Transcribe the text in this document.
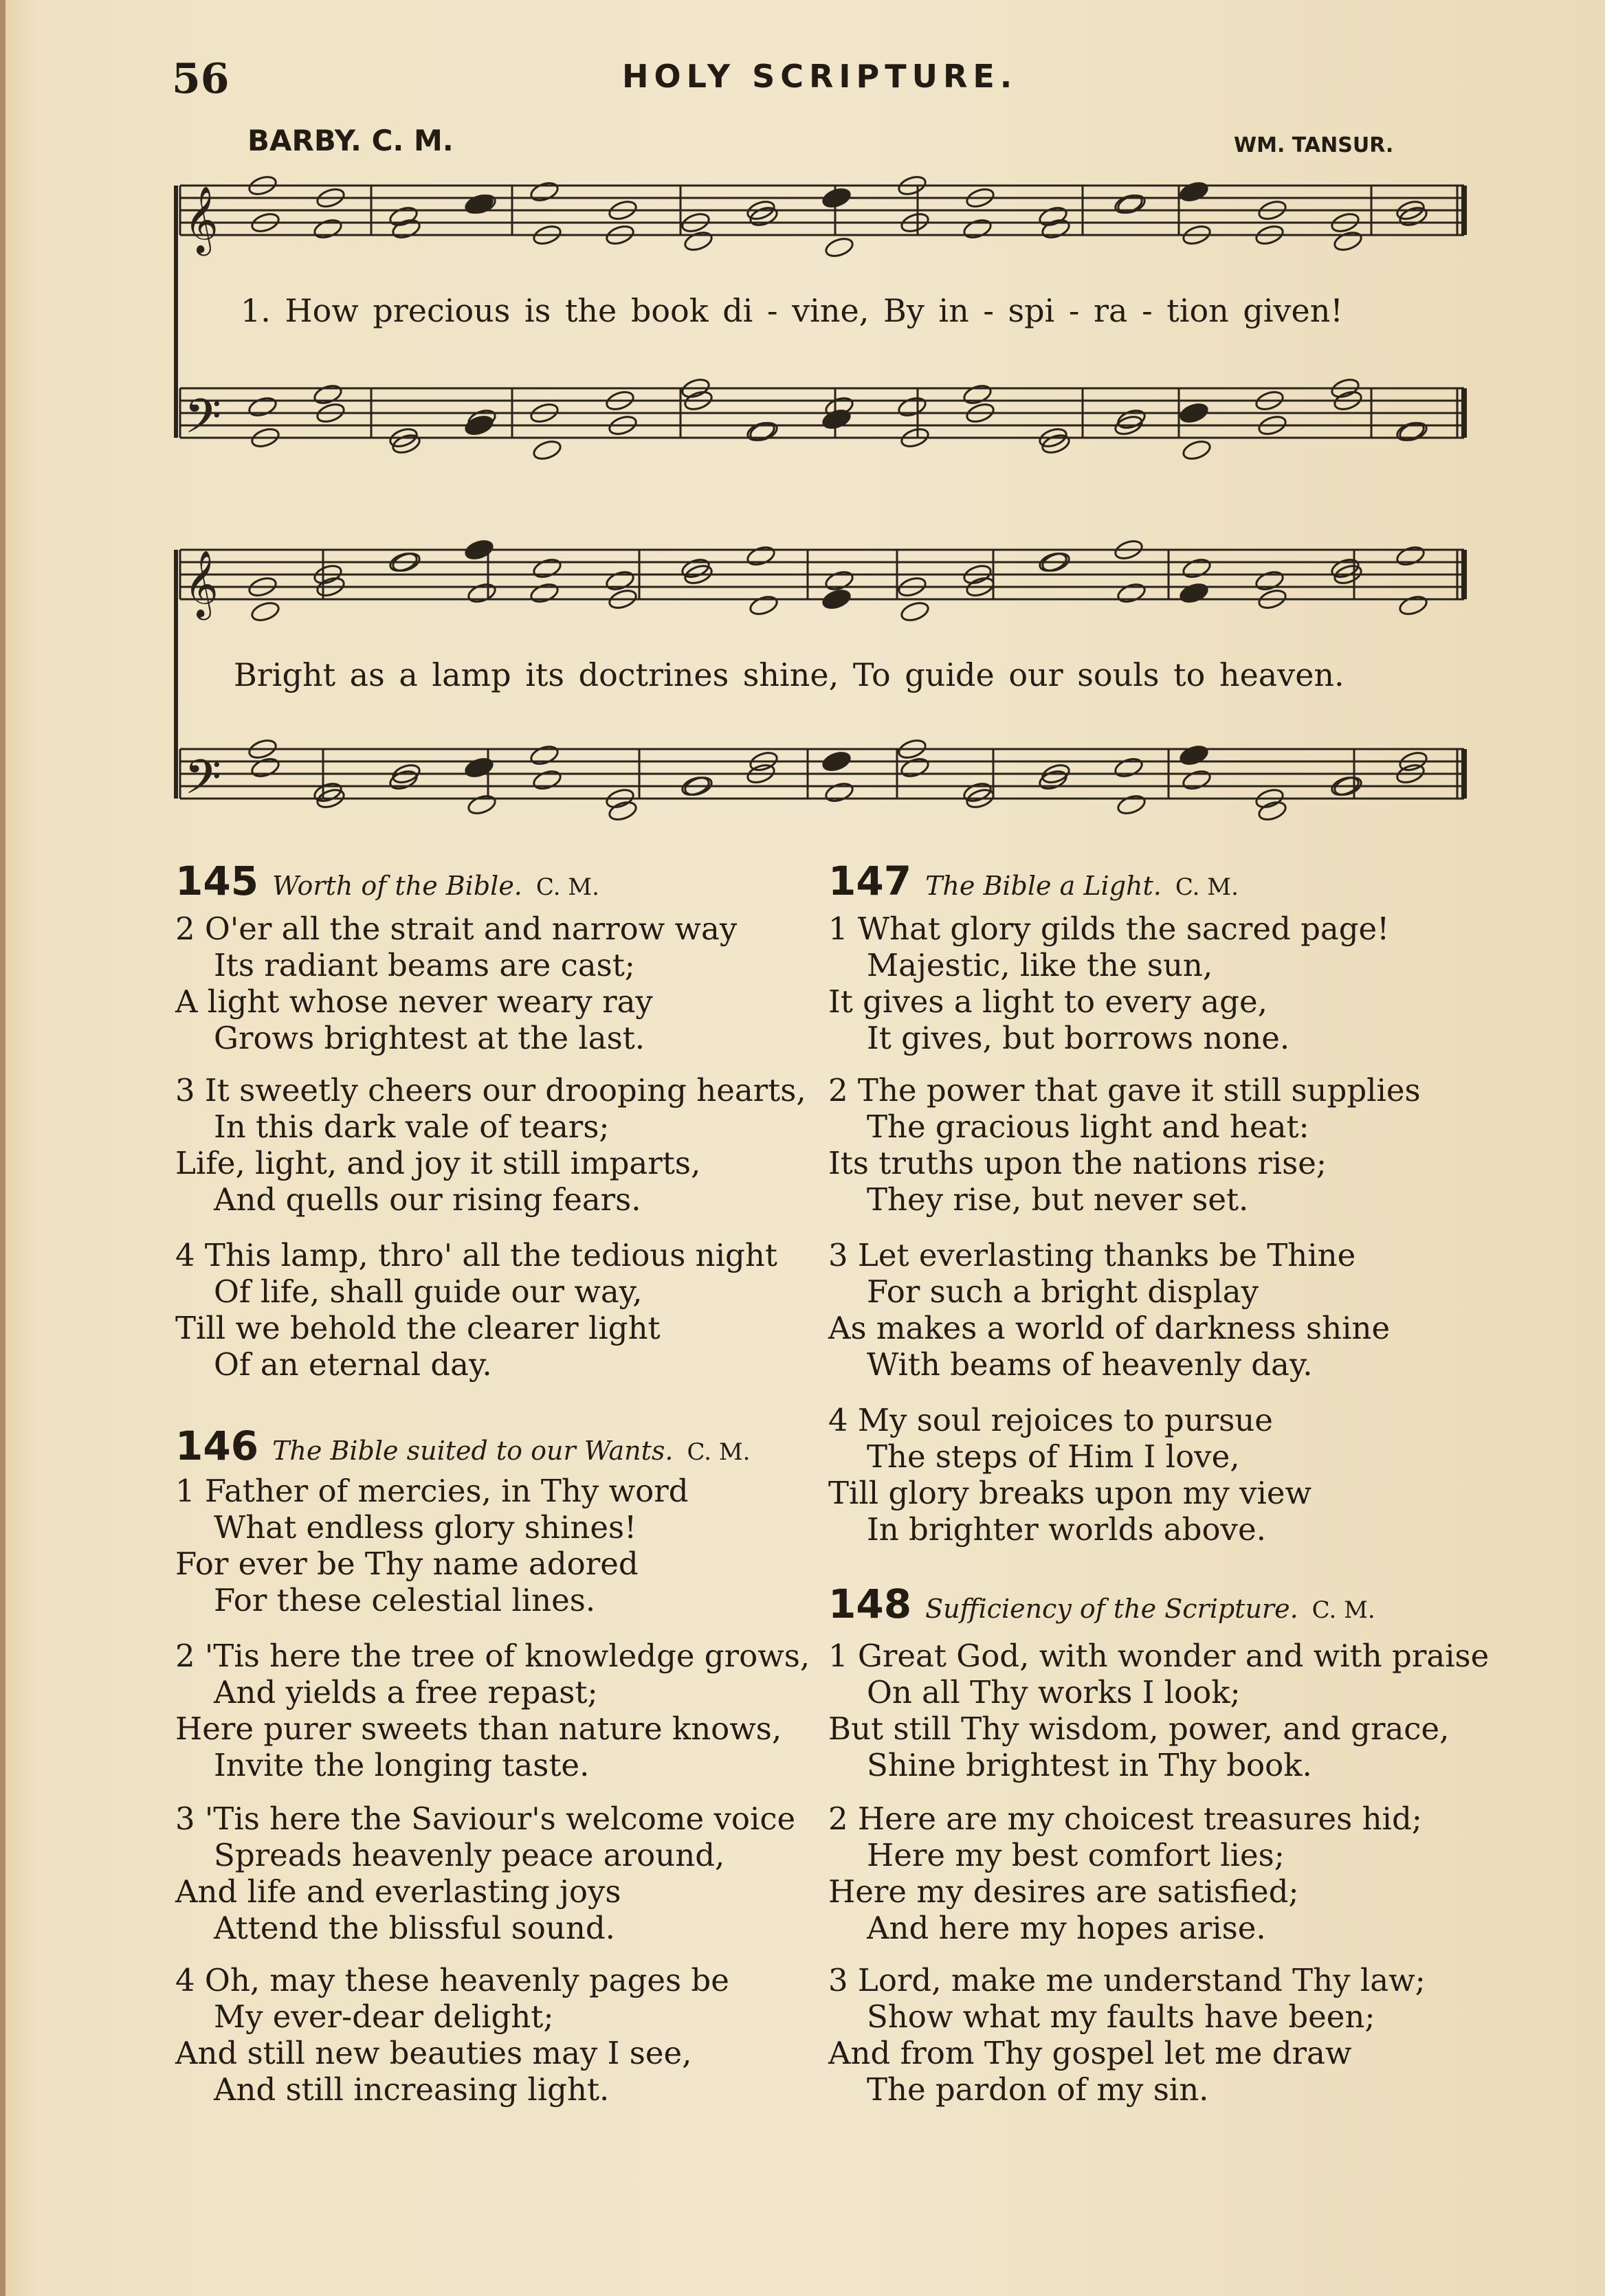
56	HOLY SCRIPTURE.
BARBY. C. M.	WM. TANSUR.
𝄞
𝄢
𝄞
𝄢
1. How precious is the book di - vine, By in - spi - ra - tion given!
Bright as a lamp its doctrines shine, To guide our souls to heaven.
145 Worth of the Bible. C. M.
2 O'er all the strait and narrow way
Its radiant beams are cast;
A light whose never weary ray
Grows brightest at the last.
3 It sweetly cheers our drooping hearts,
In this dark vale of tears;
Life, light, and joy it still imparts,
And quells our rising fears.
4 This lamp, thro' all the tedious night
Of life, shall guide our way,
Till we behold the clearer light
Of an eternal day.
146 The Bible suited to our Wants. C. M.
1 Father of mercies, in Thy word
What endless glory shines!
For ever be Thy name adored
For these celestial lines.
2 'Tis here the tree of knowledge grows,
And yields a free repast;
Here purer sweets than nature knows,
Invite the longing taste.
3 'Tis here the Saviour's welcome voice
Spreads heavenly peace around,
And life and everlasting joys
Attend the blissful sound.
4 Oh, may these heavenly pages be
My ever-dear delight;
And still new beauties may I see,
And still increasing light.
147 The Bible a Light. C. M.
1 What glory gilds the sacred page!
Majestic, like the sun,
It gives a light to every age,
It gives, but borrows none.
2 The power that gave it still supplies
The gracious light and heat:
Its truths upon the nations rise;
They rise, but never set.
3 Let everlasting thanks be Thine
For such a bright display
As makes a world of darkness shine
With beams of heavenly day.
4 My soul rejoices to pursue
The steps of Him I love,
Till glory breaks upon my view
In brighter worlds above.
148 Sufficiency of the Scripture. C. M.
1 Great God, with wonder and with praise
On all Thy works I look;
But still Thy wisdom, power, and grace,
Shine brightest in Thy book.
2 Here are my choicest treasures hid;
Here my best comfort lies;
Here my desires are satisfied;
And here my hopes arise.
3 Lord, make me understand Thy law;
Show what my faults have been;
And from Thy gospel let me draw
The pardon of my sin.
